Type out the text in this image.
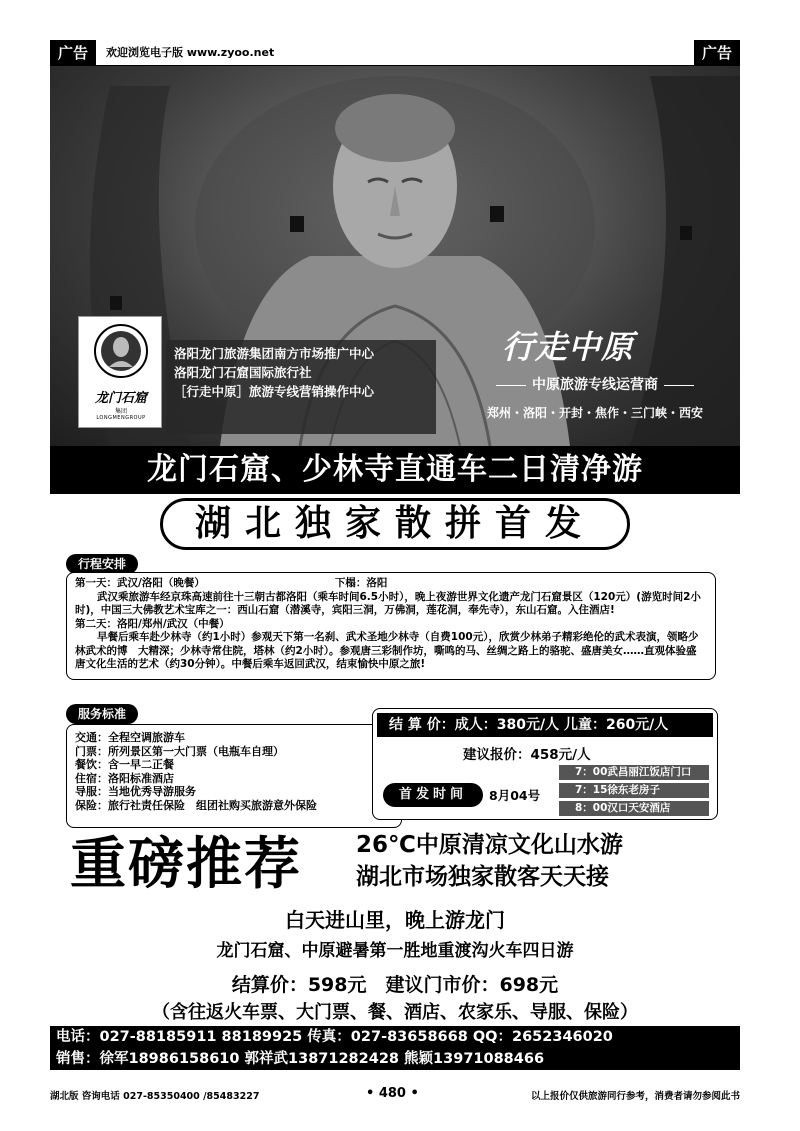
广告	欢迎浏览电子版 www.zyoo.net	广告
龙门石窟
集团
LONGMENGROUP
洛阳龙门旅游集团南方市场推广中心
洛阳龙门石窟国际旅行社
［行走中原］旅游专线营销操作中心
行走中原
中原旅游专线运营商
郑州・洛阳・开封・焦作・三门峡・西安
龙门石窟、少林寺直通车二日清净游
湖北独家散拼首发
行程安排

第一天：武汉/洛阳（晚餐）	下榻：洛阳

武汉乘旅游车经京珠高速前往十三朝古都洛阳（乘车时间6.5小时），晚上夜游世界文化遗产龙门石窟景区（120元）(游览时间2小时)，中国三大佛教艺术宝库之一：西山石窟（潜溪寺，宾阳三洞，万佛洞，莲花洞，奉先寺），东山石窟。入住酒店!

第二天：洛阳/郑州/武汉（中餐）

早餐后乘车赴少林寺（约1小时）参观天下第一名刹、武术圣地少林寺（自费100元），欣赏少林弟子精彩绝伦的武术表演，领略少林武术的博　大精深；少林寺常住院，塔林（约2小时）。参观唐三彩制作坊，嘶鸣的马、丝绸之路上的骆驼、盛唐美女……直观体验盛唐文化生活的艺术（约30分钟）。中餐后乘车返回武汉，结束愉快中原之旅!

服务标准
交通：全程空调旅游车
门票：所列景区第一大门票（电瓶车自理）
餐饮：含一早二正餐
住宿：洛阳标准酒店
导服：当地优秀导游服务
保险：旅行社责任保险　组团社购买旅游意外保险
结 算 价：成人：380元/人 儿童：260元/人
建议报价：458元/人
首发时间	8月04号
7：00武昌丽江饭店门口
7：15徐东老房子
8：00汉口天安酒店
重磅推荐 26℃中原清凉文化山水游
湖北市场独家散客天天接
白天进山里，晚上游龙门
龙门石窟、中原避暑第一胜地重渡沟火车四日游
结算价：598元　建议门市价：698元
（含往返火车票、大门票、餐、酒店、农家乐、导服、保险）
电话：027-88185911 88189925 传真：027-83658668 QQ：2652346020
销售：徐军18986158610 郭祥武13871282428 熊颖13971088466
湖北版 咨询电话 027-85350400 /85483227	• 480 •	以上报价仅供旅游同行参考，消费者请勿参阅此书
